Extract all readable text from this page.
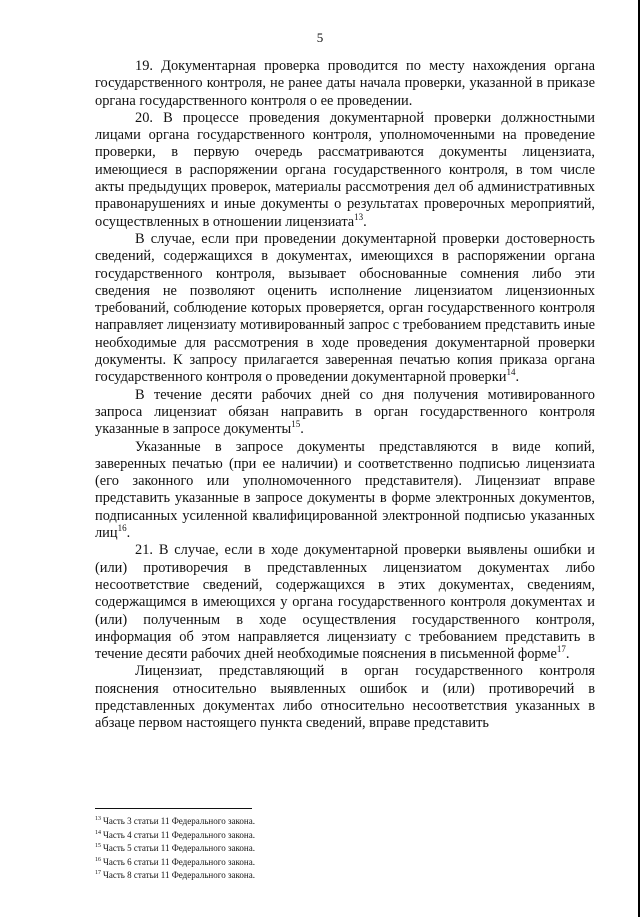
5

19. Документарная проверка проводится по месту нахождения органа государственного контроля, не ранее даты начала проверки, указанной в приказе органа государственного контроля о ее проведении.

20. В процессе проведения документарной проверки должностными лицами органа государственного контроля, уполномоченными на проведение проверки, в первую очередь рассматриваются документы лицензиата, имеющиеся в распоряжении органа государственного контроля, в том числе акты предыдущих проверок, материалы рассмотрения дел об административных правонарушениях и иные документы о результатах проверочных мероприятий, осуществленных в отношении лицензиата$^{13}$.

В случае, если при проведении документарной проверки достоверность сведений, содержащихся в документах, имеющихся в распоряжении органа государственного контроля, вызывает обоснованные сомнения либо эти сведения не позволяют оценить исполнение лицензиатом лицензионных требований, соблюдение которых проверяется, орган государственного контроля направляет лицензиату мотивированный запрос с требованием представить иные необходимые для рассмотрения в ходе проведения документарной проверки документы. К запросу прилагается заверенная печатью копия приказа органа государственного контроля о проведении документарной проверки$^{14}$.

В течение десяти рабочих дней со дня получения мотивированного запроса лицензиат обязан направить в орган государственного контроля указанные в запросе документы$^{15}$.

Указанные в запросе документы представляются в виде копий, заверенных печатью (при ее наличии) и соответственно подписью лицензиата (его законного или уполномоченного представителя). Лицензиат вправе представить указанные в запросе документы в форме электронных документов, подписанных усиленной квалифицированной электронной подписью указанных лиц$^{16}$.

21. В случае, если в ходе документарной проверки выявлены ошибки и (или) противоречия в представленных лицензиатом документах либо несоответствие сведений, содержащихся в этих документах, сведениям, содержащимся в имеющихся у органа государственного контроля документах и (или) полученным в ходе осуществления государственного контроля, информация об этом направляется лицензиату с требованием представить в течение десяти рабочих дней необходимые пояснения в письменной форме$^{17}$.

Лицензиат, представляющий в орган государственного контроля пояснения относительно выявленных ошибок и (или) противоречий в представленных документах либо относительно несоответствия указанных в абзаце первом настоящего пункта сведений, вправе представить

$^{13}$ Часть 3 статьи 11 Федерального закона.

$^{14}$ Часть 4 статьи 11 Федерального закона.

$^{15}$ Часть 5 статьи 11 Федерального закона.

$^{16}$ Часть 6 статьи 11 Федерального закона.

$^{17}$ Часть 8 статьи 11 Федерального закона.
